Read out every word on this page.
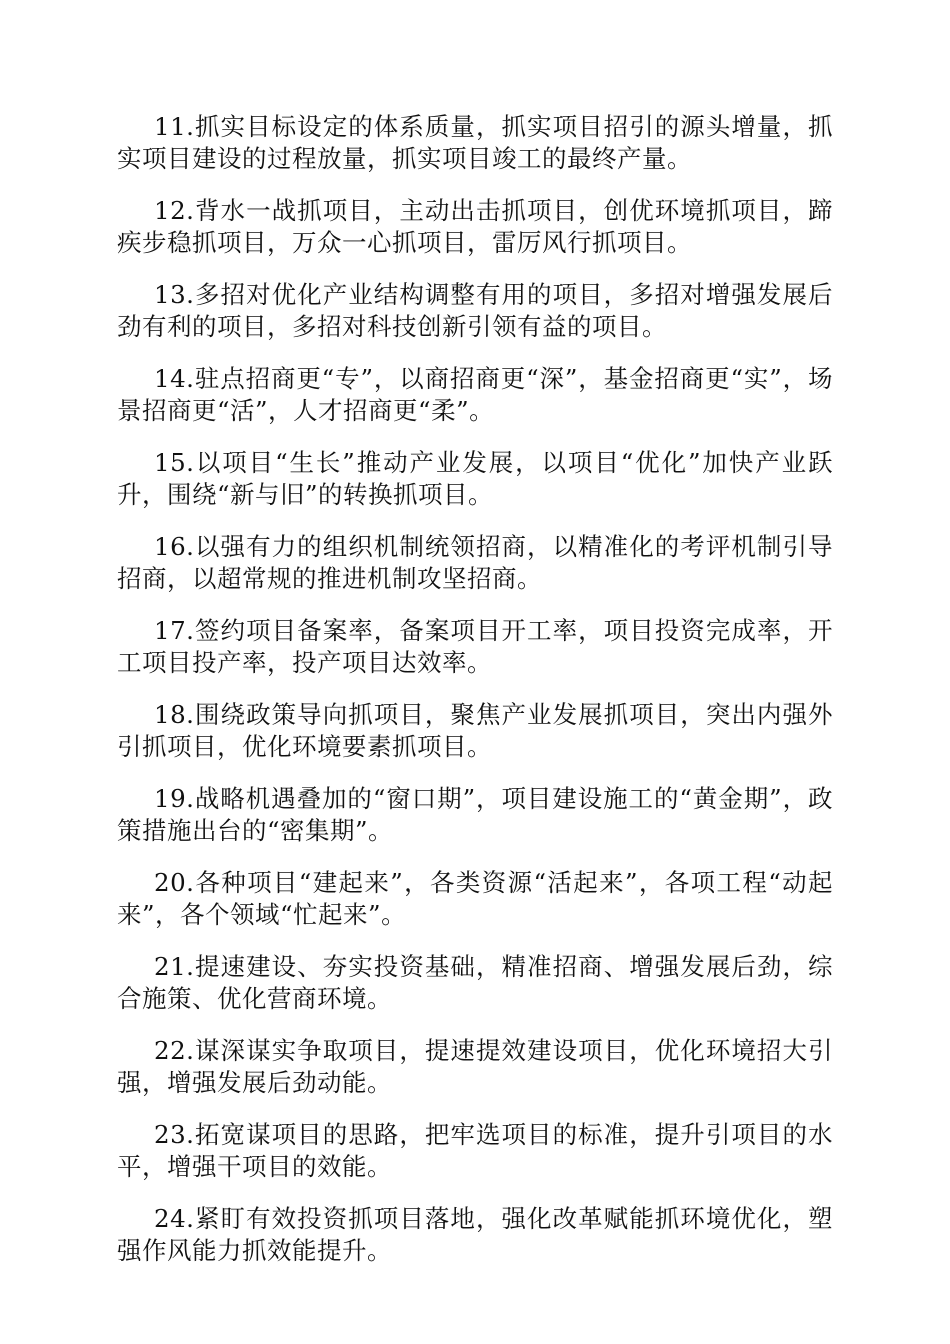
11.抓实目标设定的体系质量，抓实项目招引的源头增量，抓实项目建设的过程放量，抓实项目竣工的最终产量。

12.背水一战抓项目，主动出击抓项目，创优环境抓项目，蹄疾步稳抓项目，万众一心抓项目，雷厉风行抓项目。

13.多招对优化产业结构调整有用的项目，多招对增强发展后劲有利的项目，多招对科技创新引领有益的项目。

14.驻点招商更“专”，以商招商更“深”，基金招商更“实”，场景招商更“活”，人才招商更“柔”。

15.以项目“生长”推动产业发展，以项目“优化”加快产业跃升，围绕“新与旧”的转换抓项目。

16.以强有力的组织机制统领招商，以精准化的考评机制引导招商，以超常规的推进机制攻坚招商。

17.签约项目备案率，备案项目开工率，项目投资完成率，开工项目投产率，投产项目达效率。

18.围绕政策导向抓项目，聚焦产业发展抓项目，突出内强外引抓项目，优化环境要素抓项目。

19.战略机遇叠加的“窗口期”，项目建设施工的“黄金期”，政策措施出台的“密集期”。

20.各种项目“建起来”，各类资源“活起来”，各项工程“动起来”，各个领域“忙起来”。

21.提速建设、夯实投资基础，精准招商、增强发展后劲，综合施策、优化营商环境。

22.谋深谋实争取项目，提速提效建设项目，优化环境招大引强，增强发展后劲动能。

23.拓宽谋项目的思路，把牢选项目的标准，提升引项目的水平，增强干项目的效能。

24.紧盯有效投资抓项目落地，强化改革赋能抓环境优化，塑强作风能力抓效能提升。
